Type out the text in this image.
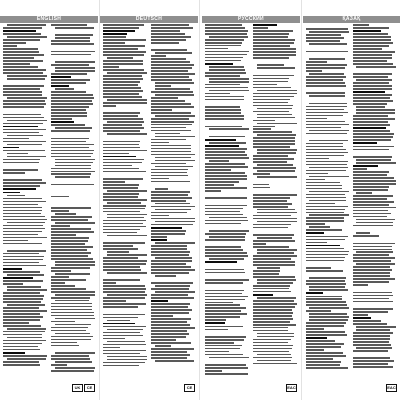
ENGLISH
CE
UK
DEUTSCH
CE
РУССКИЙ
EAC
ҚАЗАҚ
EAC
